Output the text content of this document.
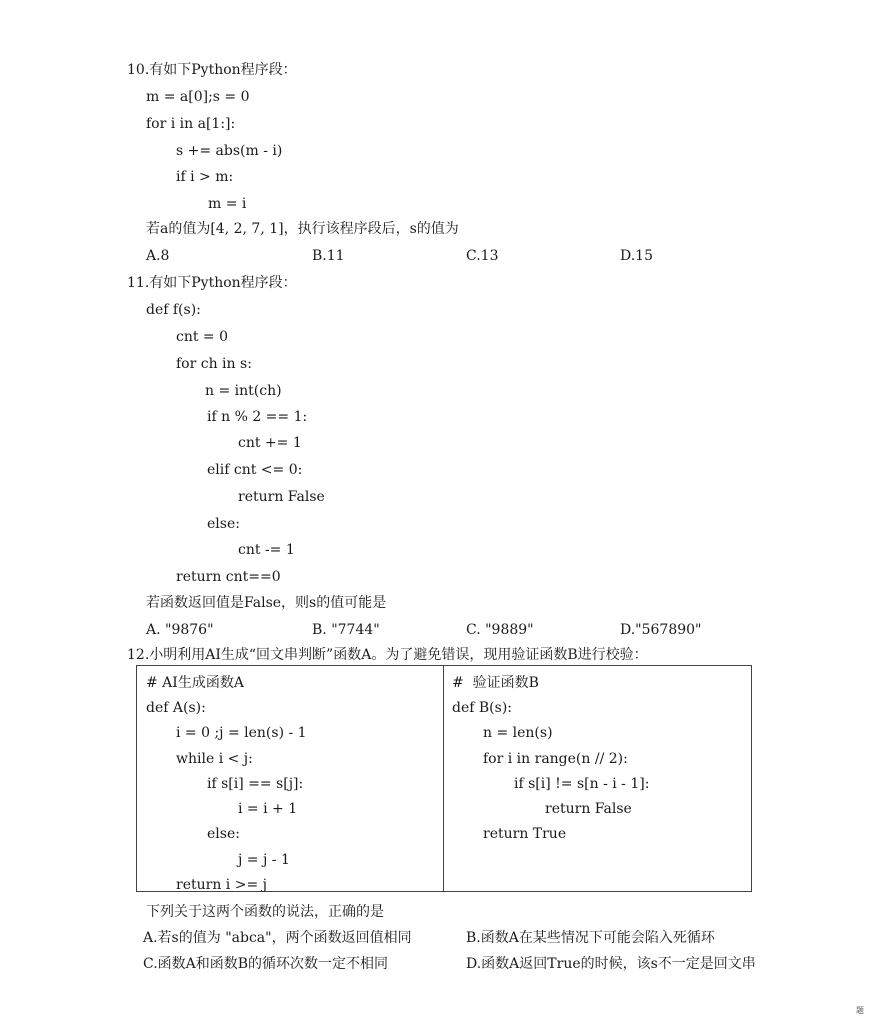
10.有如下Python程序段：
m = a[0];s = 0
for i in a[1:]:
s += abs(m - i)
if i > m:
m = i
若a的值为[4, 2, 7, 1]，执行该程序段后，s的值为
A.8	B.11	C.13	D.15
11.有如下Python程序段：
def f(s):
cnt = 0
for ch in s:
n = int(ch)
if n % 2 == 1:
cnt += 1
elif cnt <= 0:
return False
else:
cnt -= 1
return cnt==0
若函数返回值是False，则s的值可能是
A. "9876"	B. "7744"	C. "9889"	D."567890"
12.小明利用AI生成“回文串判断”函数A。为了避免错误，现用验证函数B进行校验：
# AI生成函数A
def A(s):
i = 0 ;j = len(s) - 1
while i < j:
if s[i] == s[j]:
i = i + 1
else:
j = j - 1
return i >= j
#  验证函数B
def B(s):
n = len(s)
for i in range(n // 2):
if s[i] != s[n - i - 1]:
return False
return True
下列关于这两个函数的说法，正确的是
A.若s的值为 "abca"，两个函数返回值相同	B.函数A在某些情况下可能会陷入死循环
C.函数A和函数B的循环次数一定不相同	D.函数A返回True的时候，该s不一定是回文串
题
